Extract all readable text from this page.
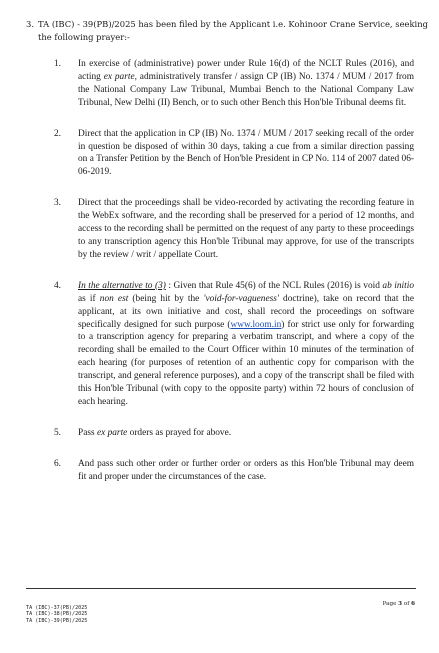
3. TA (IBC) - 39(PB)/2025 has been filed by the Applicant i.e. Kohinoor Crane Service, seeking the following prayer:-

1.	In exercise of (administrative) power under Rule 16(d) of the NCLT Rules (2016), and acting ex parte, administratively transfer / assign CP (IB) No. 1374 / MUM / 2017 from the National Company Law Tribunal, Mumbai Bench to the National Company Law Tribunal, New Delhi (II) Bench, or to such other Bench this Hon'ble Tribunal deems fit.
2.	Direct that the application in CP (IB) No. 1374 / MUM / 2017 seeking recall of the order in question be disposed of within 30 days, taking a cue from a similar direction passing on a Transfer Petition by the Bench of Hon'ble President in CP No. 114 of 2007 dated 06-06-2019.
3.	Direct that the proceedings shall be video-recorded by activating the recording feature in the WebEx software, and the recording shall be preserved for a period of 12 months, and access to the recording shall be permitted on the request of any party to these proceedings to any transcription agency this Hon'ble Tribunal may approve, for use of the transcripts by the review / writ / appellate Court.
4.	In the alternative to (3) : Given that Rule 45(6) of the NCL Rules (2016) is void ab initio as if non est (being hit by the 'void-for-vagueness' doctrine), take on record that the applicant, at its own initiative and cost, shall record the proceedings on software specifically designed for such purpose (www.loom.in) for strict use only for forwarding to a transcription agency for preparing a verbatim transcript, and where a copy of the recording shall be emailed to the Court Officer within 10 minutes of the termination of each hearing (for purposes of retention of an authentic copy for comparison with the transcript, and general reference purposes), and a copy of the transcript shall be filed with this Hon'ble Tribunal (with copy to the opposite party) within 72 hours of conclusion of each hearing.
5.	Pass ex parte orders as prayed for above.
6.	And pass such other order or further order or orders as this Hon'ble Tribunal may deem fit and proper under the circumstances of the case.
TA (IBC)-37(PB)/2025
TA (IBC)-38(PB)/2025
TA (IBC)-39(PB)/2025
Page 3 of 6
